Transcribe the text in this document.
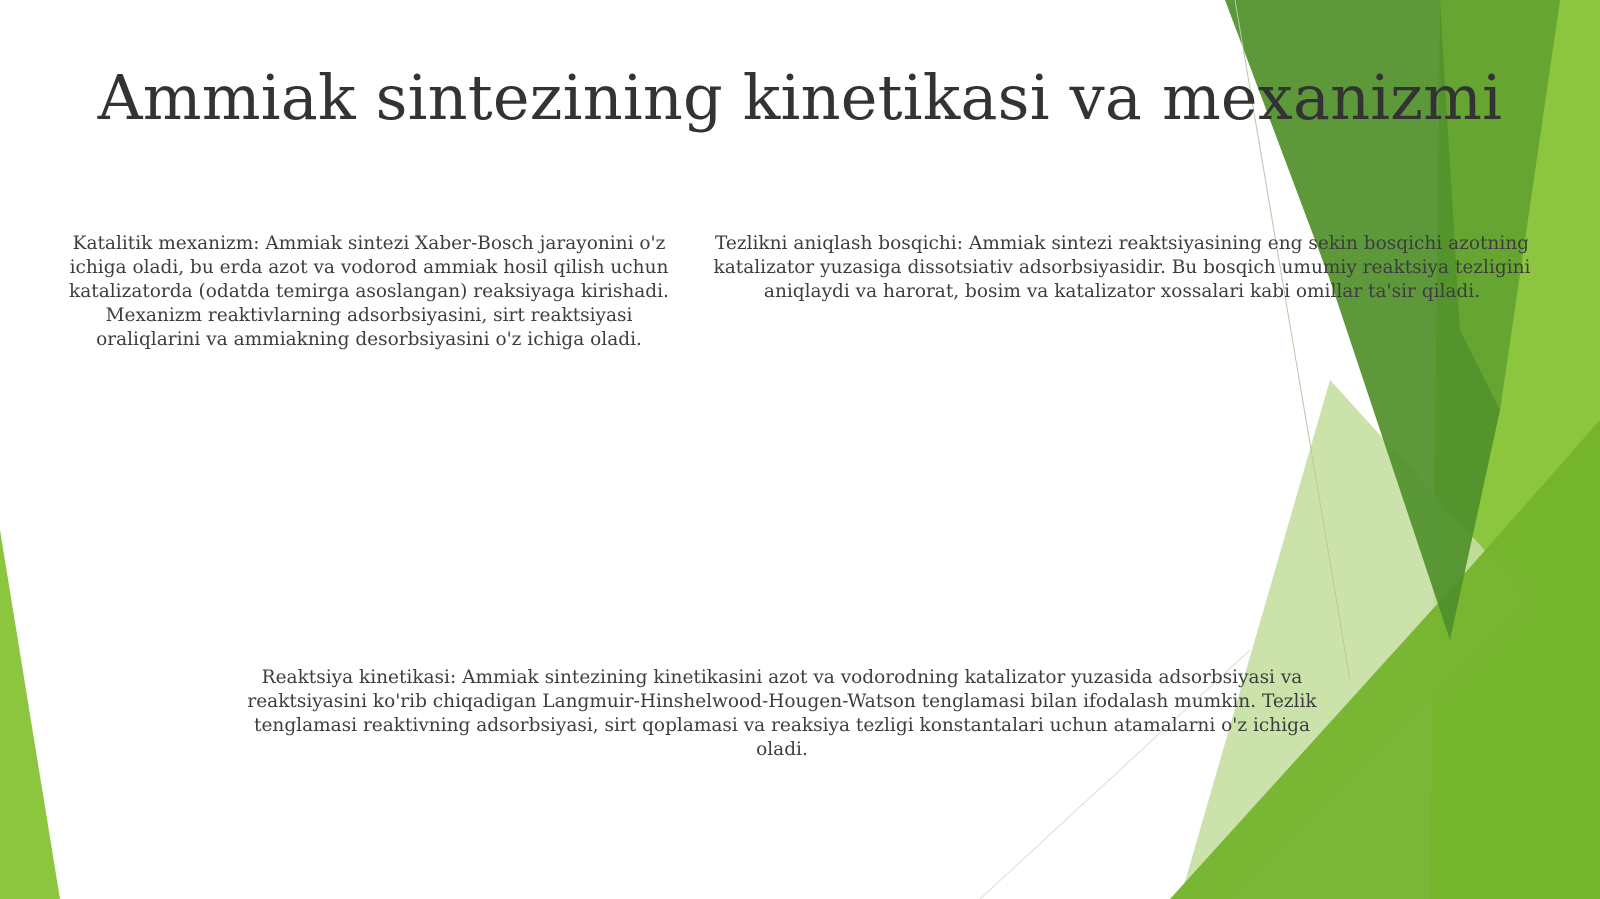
Ammiak sintezining kinetikasi va mexanizmi
Katalitik mexanizm: Ammiak sintezi Xaber-Bosch jarayonini o'z ichiga oladi, bu erda azot va vodorod ammiak hosil qilish uchun katalizatorda (odatda temirga asoslangan) reaksiyaga kirishadi. Mexanizm reaktivlarning adsorbsiyasini, sirt reaktsiyasi oraliqlarini va ammiakning desorbsiyasini o'z ichiga oladi.
Tezlikni aniqlash bosqichi: Ammiak sintezi reaktsiyasining eng sekin bosqichi azotning katalizator yuzasiga dissotsiativ adsorbsiyasidir. Bu bosqich umumiy reaktsiya tezligini aniqlaydi va harorat, bosim va katalizator xossalari kabi omillar ta'sir qiladi.
Reaktsiya kinetikasi: Ammiak sintezining kinetikasini azot va vodorodning katalizator yuzasida adsorbsiyasi va reaktsiyasini ko'rib chiqadigan Langmuir-Hinshelwood-Hougen-Watson tenglamasi bilan ifodalash mumkin. Tezlik tenglamasi reaktivning adsorbsiyasi, sirt qoplamasi va reaksiya tezligi konstantalari uchun atamalarni o'z ichiga oladi.
